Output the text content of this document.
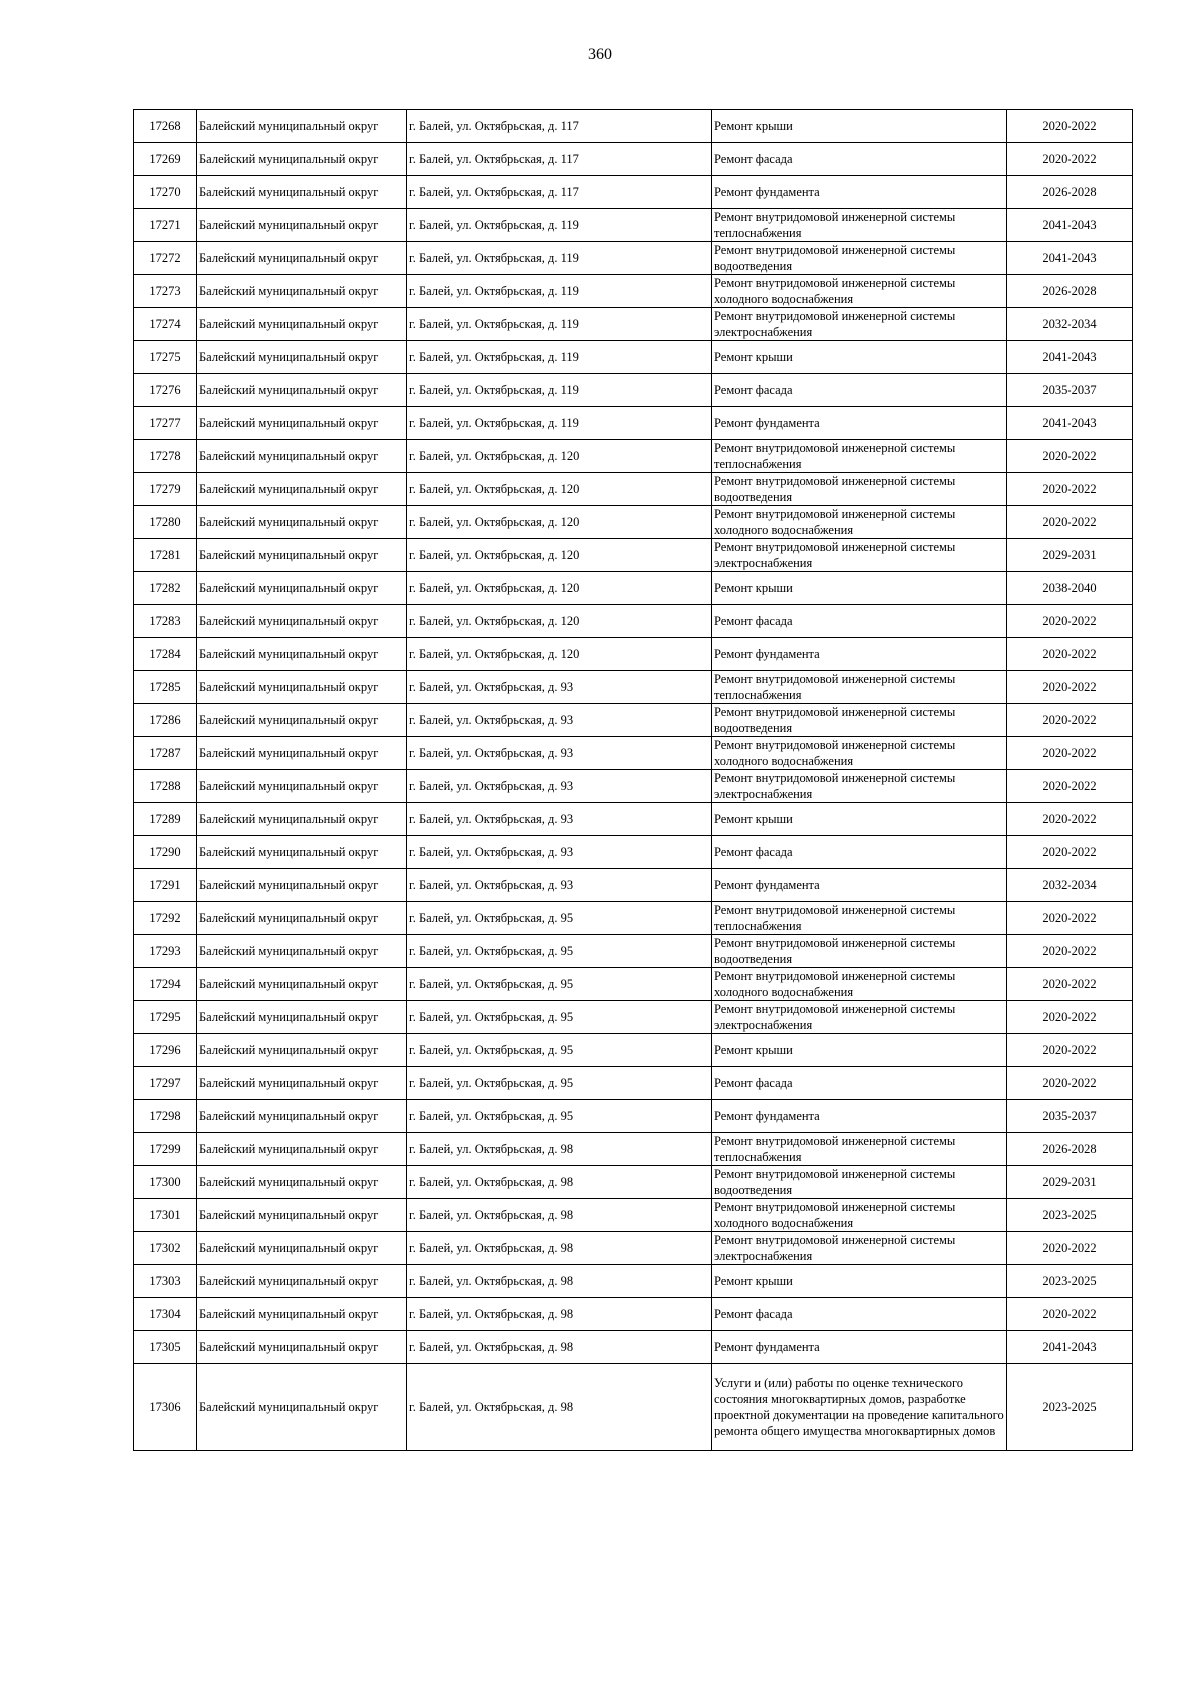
360
17268	Балейский муниципальный округ	г. Балей, ул. Октябрьская, д. 117	Ремонт крыши	2020-2022
17269	Балейский муниципальный округ	г. Балей, ул. Октябрьская, д. 117	Ремонт фасада	2020-2022
17270	Балейский муниципальный округ	г. Балей, ул. Октябрьская, д. 117	Ремонт фундамента	2026-2028
17271	Балейский муниципальный округ	г. Балей, ул. Октябрьская, д. 119	Ремонт внутридомовой инженерной системы теплоснабжения	2041-2043
17272	Балейский муниципальный округ	г. Балей, ул. Октябрьская, д. 119	Ремонт внутридомовой инженерной системы водоотведения	2041-2043
17273	Балейский муниципальный округ	г. Балей, ул. Октябрьская, д. 119	Ремонт внутридомовой инженерной системы холодного водоснабжения	2026-2028
17274	Балейский муниципальный округ	г. Балей, ул. Октябрьская, д. 119	Ремонт внутридомовой инженерной системы электроснабжения	2032-2034
17275	Балейский муниципальный округ	г. Балей, ул. Октябрьская, д. 119	Ремонт крыши	2041-2043
17276	Балейский муниципальный округ	г. Балей, ул. Октябрьская, д. 119	Ремонт фасада	2035-2037
17277	Балейский муниципальный округ	г. Балей, ул. Октябрьская, д. 119	Ремонт фундамента	2041-2043
17278	Балейский муниципальный округ	г. Балей, ул. Октябрьская, д. 120	Ремонт внутридомовой инженерной системы теплоснабжения	2020-2022
17279	Балейский муниципальный округ	г. Балей, ул. Октябрьская, д. 120	Ремонт внутридомовой инженерной системы водоотведения	2020-2022
17280	Балейский муниципальный округ	г. Балей, ул. Октябрьская, д. 120	Ремонт внутридомовой инженерной системы холодного водоснабжения	2020-2022
17281	Балейский муниципальный округ	г. Балей, ул. Октябрьская, д. 120	Ремонт внутридомовой инженерной системы электроснабжения	2029-2031
17282	Балейский муниципальный округ	г. Балей, ул. Октябрьская, д. 120	Ремонт крыши	2038-2040
17283	Балейский муниципальный округ	г. Балей, ул. Октябрьская, д. 120	Ремонт фасада	2020-2022
17284	Балейский муниципальный округ	г. Балей, ул. Октябрьская, д. 120	Ремонт фундамента	2020-2022
17285	Балейский муниципальный округ	г. Балей, ул. Октябрьская, д. 93	Ремонт внутридомовой инженерной системы теплоснабжения	2020-2022
17286	Балейский муниципальный округ	г. Балей, ул. Октябрьская, д. 93	Ремонт внутридомовой инженерной системы водоотведения	2020-2022
17287	Балейский муниципальный округ	г. Балей, ул. Октябрьская, д. 93	Ремонт внутридомовой инженерной системы холодного водоснабжения	2020-2022
17288	Балейский муниципальный округ	г. Балей, ул. Октябрьская, д. 93	Ремонт внутридомовой инженерной системы электроснабжения	2020-2022
17289	Балейский муниципальный округ	г. Балей, ул. Октябрьская, д. 93	Ремонт крыши	2020-2022
17290	Балейский муниципальный округ	г. Балей, ул. Октябрьская, д. 93	Ремонт фасада	2020-2022
17291	Балейский муниципальный округ	г. Балей, ул. Октябрьская, д. 93	Ремонт фундамента	2032-2034
17292	Балейский муниципальный округ	г. Балей, ул. Октябрьская, д. 95	Ремонт внутридомовой инженерной системы теплоснабжения	2020-2022
17293	Балейский муниципальный округ	г. Балей, ул. Октябрьская, д. 95	Ремонт внутридомовой инженерной системы водоотведения	2020-2022
17294	Балейский муниципальный округ	г. Балей, ул. Октябрьская, д. 95	Ремонт внутридомовой инженерной системы холодного водоснабжения	2020-2022
17295	Балейский муниципальный округ	г. Балей, ул. Октябрьская, д. 95	Ремонт внутридомовой инженерной системы электроснабжения	2020-2022
17296	Балейский муниципальный округ	г. Балей, ул. Октябрьская, д. 95	Ремонт крыши	2020-2022
17297	Балейский муниципальный округ	г. Балей, ул. Октябрьская, д. 95	Ремонт фасада	2020-2022
17298	Балейский муниципальный округ	г. Балей, ул. Октябрьская, д. 95	Ремонт фундамента	2035-2037
17299	Балейский муниципальный округ	г. Балей, ул. Октябрьская, д. 98	Ремонт внутридомовой инженерной системы теплоснабжения	2026-2028
17300	Балейский муниципальный округ	г. Балей, ул. Октябрьская, д. 98	Ремонт внутридомовой инженерной системы водоотведения	2029-2031
17301	Балейский муниципальный округ	г. Балей, ул. Октябрьская, д. 98	Ремонт внутридомовой инженерной системы холодного водоснабжения	2023-2025
17302	Балейский муниципальный округ	г. Балей, ул. Октябрьская, д. 98	Ремонт внутридомовой инженерной системы электроснабжения	2020-2022
17303	Балейский муниципальный округ	г. Балей, ул. Октябрьская, д. 98	Ремонт крыши	2023-2025
17304	Балейский муниципальный округ	г. Балей, ул. Октябрьская, д. 98	Ремонт фасада	2020-2022
17305	Балейский муниципальный округ	г. Балей, ул. Октябрьская, д. 98	Ремонт фундамента	2041-2043
17306	Балейский муниципальный округ	г. Балей, ул. Октябрьская, д. 98	Услуги и (или) работы по оценке технического состояния многоквартирных домов, разработке проектной документации на проведение капитального ремонта общего имущества многоквартирных домов	2023-2025
